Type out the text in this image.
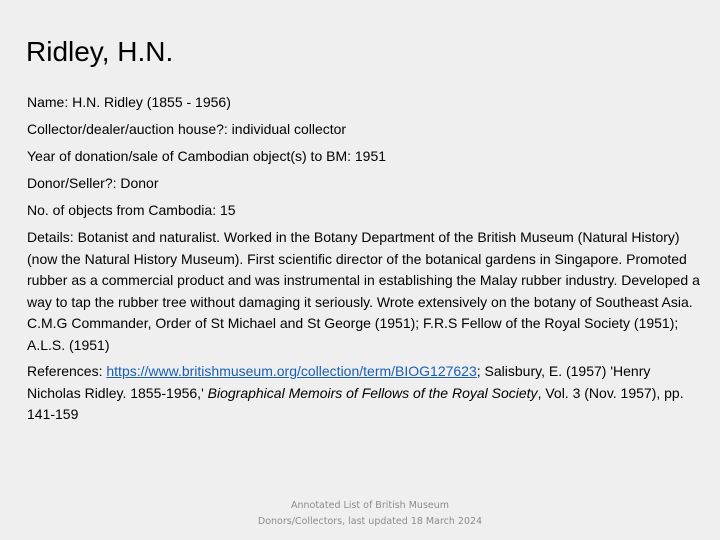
Ridley, H.N.

Name: H.N. Ridley (1855 - 1956)

Collector/dealer/auction house?: individual collector

Year of donation/sale of Cambodian object(s) to BM: 1951

Donor/Seller?: Donor

No. of objects from Cambodia: 15

Details: Botanist and naturalist. Worked in the Botany Department of the British Museum (Natural History) (now the Natural History Museum). First scientific director of the botanical gardens in Singapore. Promoted rubber as a commercial product and was instrumental in establishing the Malay rubber industry. Developed a way to tap the rubber tree without damaging it seriously. Wrote extensively on the botany of Southeast Asia. C.M.G Commander, Order of St Michael and St George (1951); F.R.S Fellow of the Royal Society (1951); A.L.S. (1951)

References: https://www.britishmuseum.org/collection/term/BIOG127623; Salisbury, E. (1957) 'Henry Nicholas Ridley. 1855-1956,' Biographical Memoirs of Fellows of the Royal Society, Vol. 3 (Nov. 1957), pp. 141-159

Annotated List of British Museum
Donors/Collectors, last updated 18 March 2024
